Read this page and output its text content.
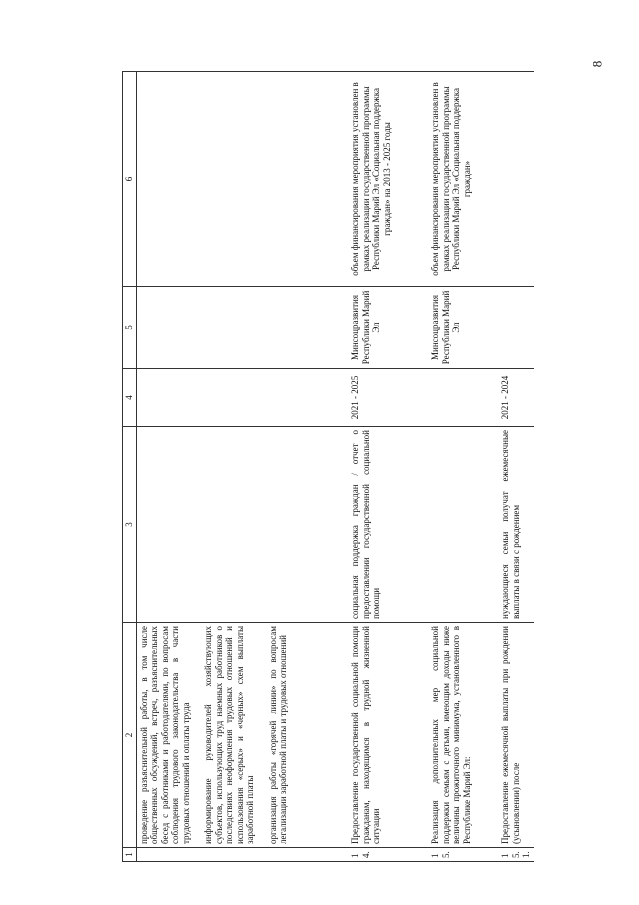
8
1	2	3	4	5	6

	проведение разъяснительной работы, в том числе общественных обсуждений, встреч, разъяснительных бесед с работниками и работодателями, по вопросам соблюдения трудового законодательства в части трудовых отношений и оплаты труда информирование руководителей хозяйствующих субъектов, использующих труд наемных работников о последствиях неоформления трудовых отношений и использования «серых» и «черных» схем выплаты заработной платы организация работы «горячей линии» по вопросам легализации заработной платы и трудовых отношений				

14.	Предоставление государственной социальной помощи гражданам, находящимся в трудной жизненной ситуации	социальная поддержка граждан / отчет о предоставлении государственной социальной помощи	2021 - 2025	Минсоцразвития Республики Марий Эл	объем финансирования мероприятия установлен в рамках реализации государственной программы Республики Марий Эл «Социальная поддержка граждан» на 2013 - 2025 годы
15.	Реализация дополнительных мер социальной поддержки семьям с детьми, имеющим доходы ниже величины прожиточного минимума, установленного в Республике Марий Эл:			Минсоцразвития Республики Марий Эл	объем финансирования мероприятия установлен в рамках реализации государственной программы Республики Марий Эл «Социальная поддержка граждан»
15.1.	Предоставление ежемесячной выплаты при рождении (усыновлении) после	нуждающиеся семьи получат ежемесячные выплаты в связи с рождением	2021 - 2024		
